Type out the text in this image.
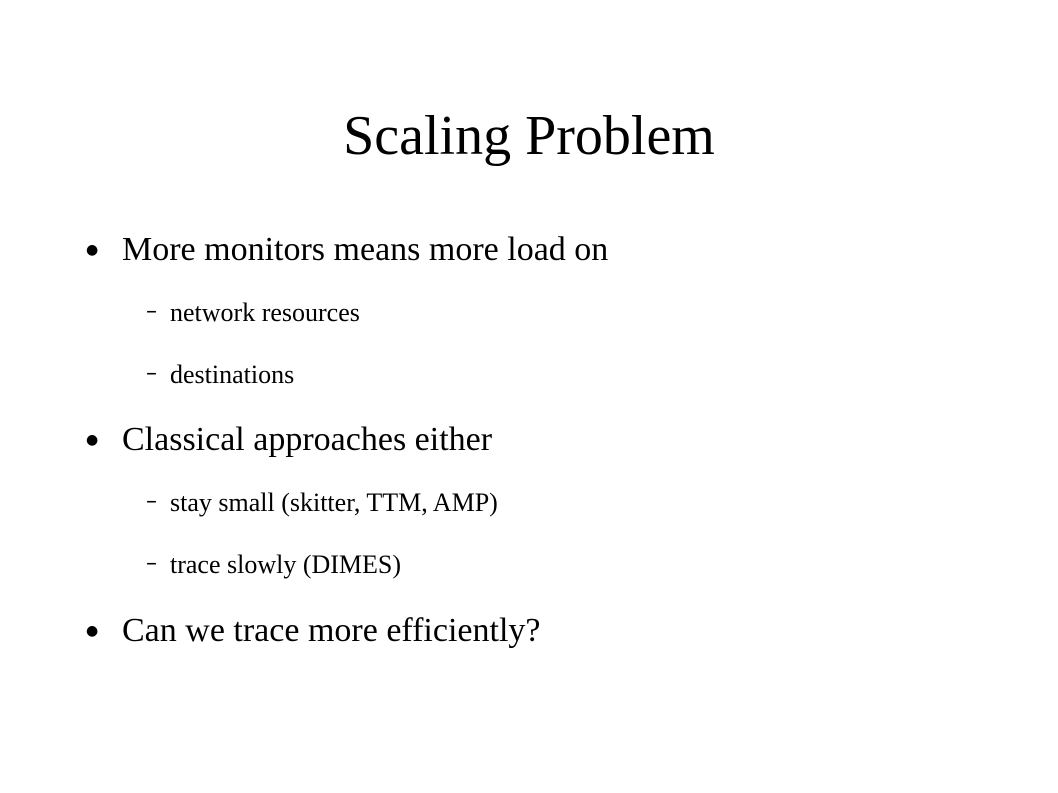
Scaling Problem
● More monitors means more load on
– network resources
– destinations
● Classical approaches either
– stay small (skitter, TTM, AMP)
– trace slowly (DIMES)
● Can we trace more efficiently?
